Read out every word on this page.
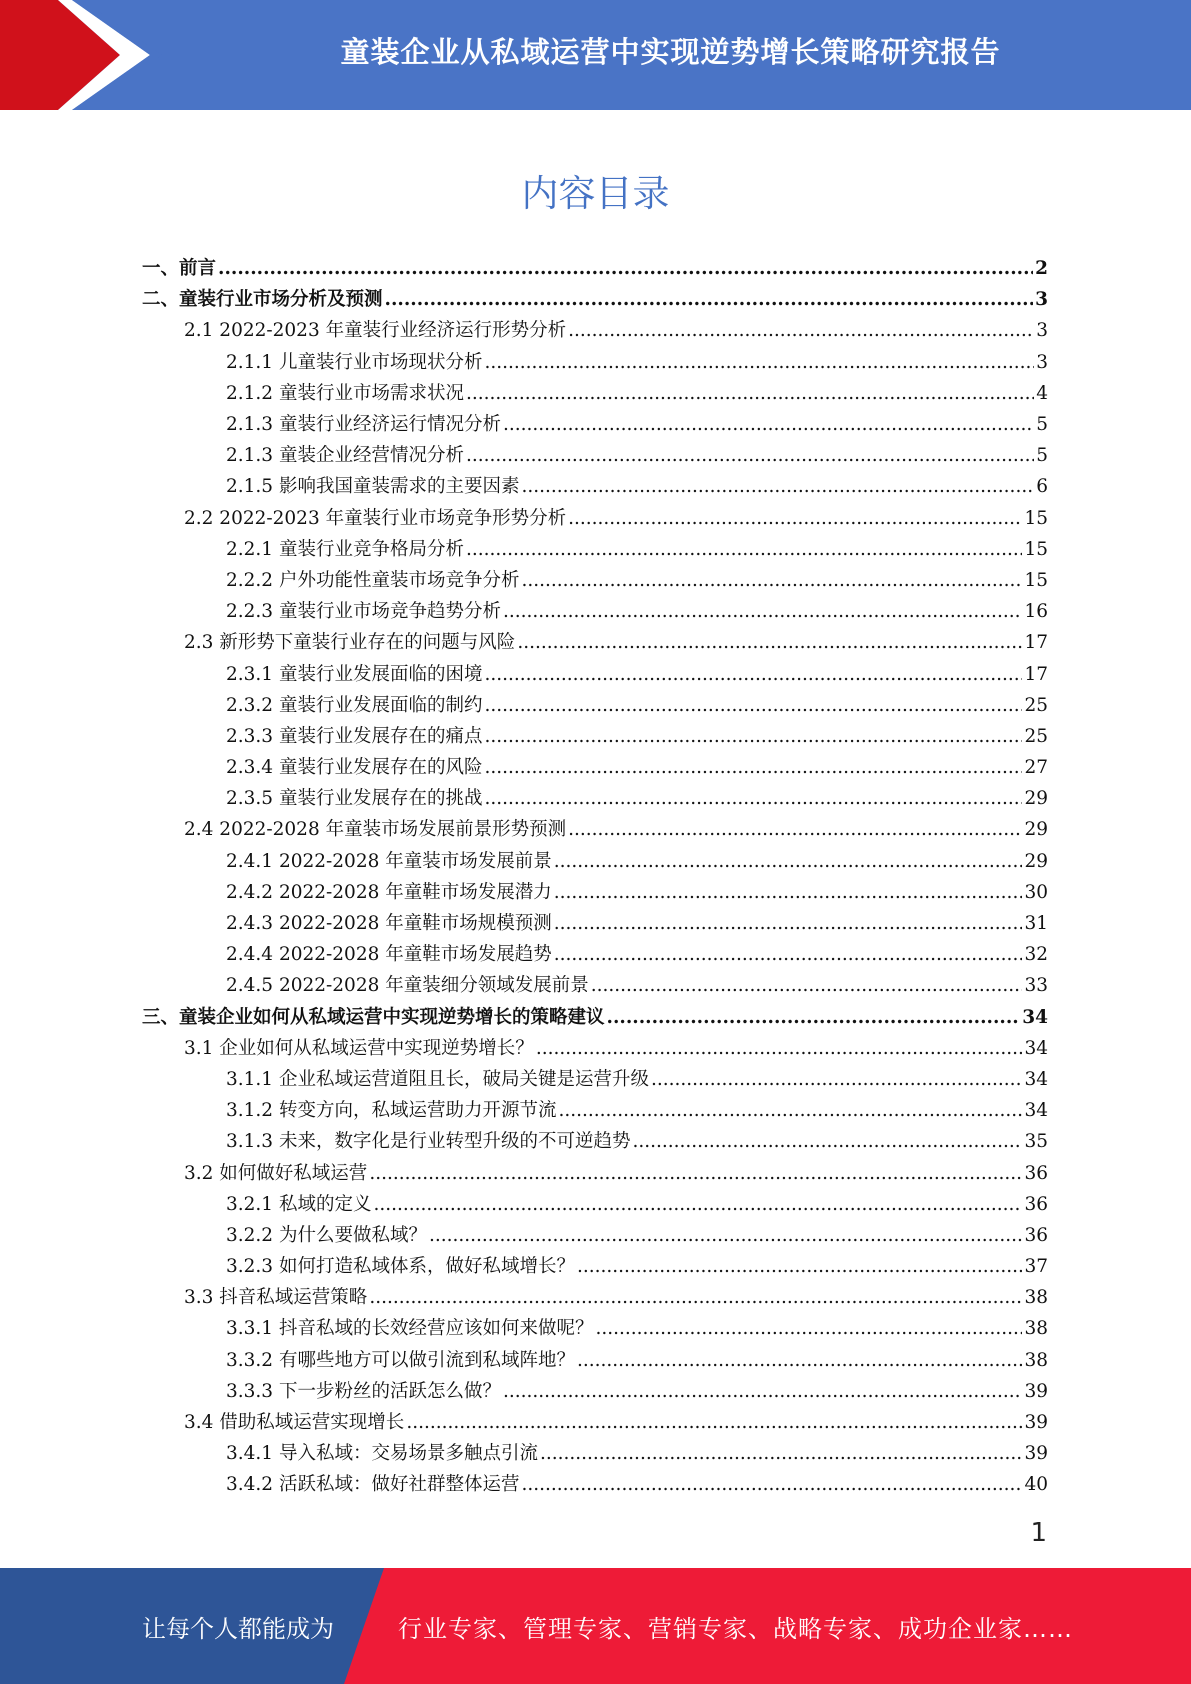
童装企业从私域运营中实现逆势增长策略研究报告
内容目录
一、前言 .....	2
二、童装行业市场分析及预测 .....	3
2.1 2022-2023 年童装行业经济运行形势分析 .....	3
2.1.1 儿童装行业市场现状分析 .....	3
2.1.2 童装行业市场需求状况 .....	4
2.1.3 童装行业经济运行情况分析 .....	5
2.1.3 童装企业经营情况分析 .....	5
2.1.5 影响我国童装需求的主要因素 .....	6
2.2 2022-2023 年童装行业市场竞争形势分析 .....	15
2.2.1 童装行业竞争格局分析 .....	15
2.2.2 户外功能性童装市场竞争分析 .....	15
2.2.3 童装行业市场竞争趋势分析 .....	16
2.3 新形势下童装行业存在的问题与风险 .....	17
2.3.1 童装行业发展面临的困境 .....	17
2.3.2 童装行业发展面临的制约 .....	25
2.3.3 童装行业发展存在的痛点 .....	25
2.3.4 童装行业发展存在的风险 .....	27
2.3.5 童装行业发展存在的挑战 .....	29
2.4 2022-2028 年童装市场发展前景形势预测 .....	29
2.4.1 2022-2028 年童装市场发展前景 .....	29
2.4.2 2022-2028 年童鞋市场发展潜力 .....	30
2.4.3 2022-2028 年童鞋市场规模预测 .....	31
2.4.4 2022-2028 年童鞋市场发展趋势 .....	32
2.4.5 2022-2028 年童装细分领域发展前景 .....	33
三、童装企业如何从私域运营中实现逆势增长的策略建议 .....	34
3.1 企业如何从私域运营中实现逆势增长？ .....	34
3.1.1 企业私域运营道阻且长，破局关键是运营升级 .....	34
3.1.2 转变方向，私域运营助力开源节流 .....	34
3.1.3 未来，数字化是行业转型升级的不可逆趋势 .....	35
3.2 如何做好私域运营 .....	36
3.2.1 私域的定义 .....	36
3.2.2 为什么要做私域？ .....	36
3.2.3 如何打造私域体系，做好私域增长？ .....	37
3.3 抖音私域运营策略 .....	38
3.3.1 抖音私域的长效经营应该如何来做呢？ .....	38
3.3.2 有哪些地方可以做引流到私域阵地？ .....	38
3.3.3 下一步粉丝的活跃怎么做？ .....	39
3.4 借助私域运营实现增长 .....	39
3.4.1 导入私域：交易场景多触点引流 .....	39
3.4.2 活跃私域：做好社群整体运营 .....	40
1
让每个人都能成为	行业专家、管理专家、营销专家、战略专家、成功企业家……
